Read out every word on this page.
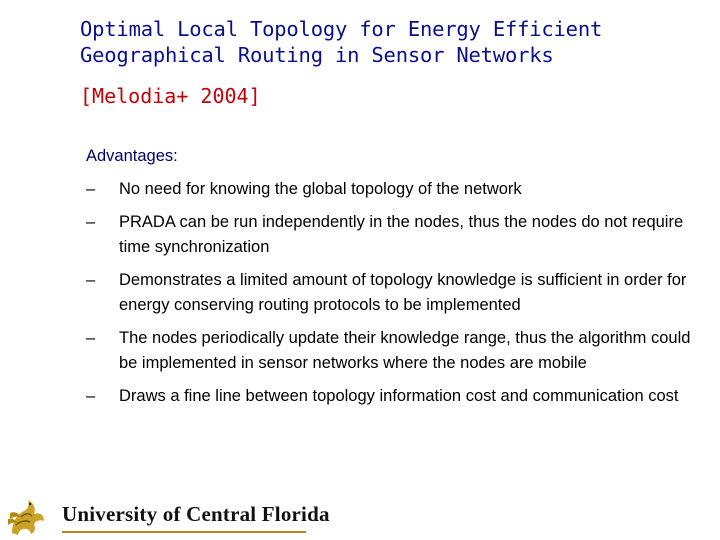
Optimal Local Topology for Energy Efficient
Geographical Routing in Sensor Networks
[Melodia+ 2004]
Advantages:
–	No need for knowing the global topology of the network
–	PRADA can be run independently in the nodes, thus the nodes do not require time synchronization
–	Demonstrates a limited amount of topology knowledge is sufficient in order for energy conserving routing protocols to be implemented
–	The nodes periodically update their knowledge range, thus the algorithm could be implemented in sensor networks where the nodes are mobile
–	Draws a fine line between topology information cost and communication cost
University of Central Florida
